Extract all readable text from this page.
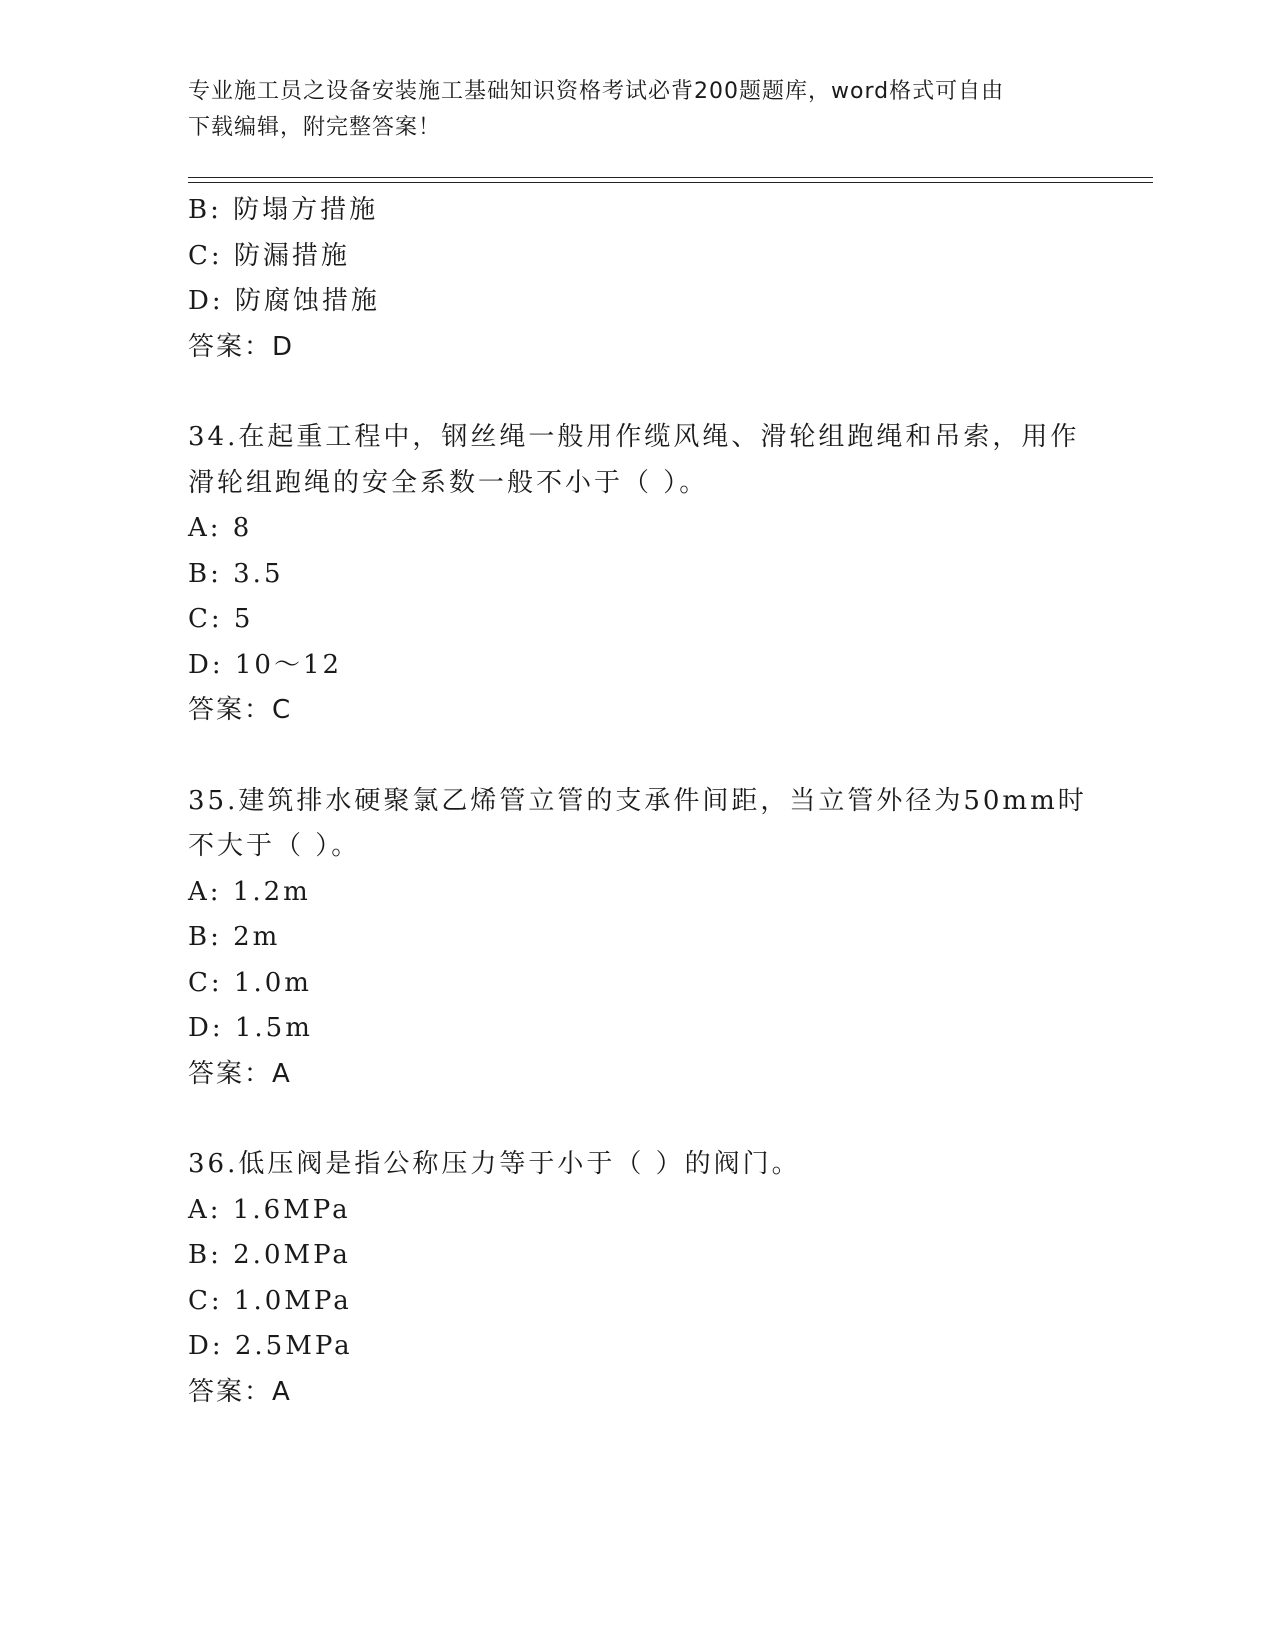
专业施工员之设备安装施工基础知识资格考试必背200题题库，word格式可自由
下载编辑，附完整答案！
B: 防塌方措施
C: 防漏措施
D: 防腐蚀措施
答案：D
34.在起重工程中，钢丝绳一般用作缆风绳、滑轮组跑绳和吊索，用作
滑轮组跑绳的安全系数一般不小于（ ）。
A: 8
B: 3.5
C: 5
D: 10～12
答案：C
35.建筑排水硬聚氯乙烯管立管的支承件间距，当立管外径为50mm时
不大于（ ）。
A: 1.2m
B: 2m
C: 1.0m
D: 1.5m
答案：A
36.低压阀是指公称压力等于小于（ ）的阀门。
A: 1.6MPa
B: 2.0MPa
C: 1.0MPa
D: 2.5MPa
答案：A
